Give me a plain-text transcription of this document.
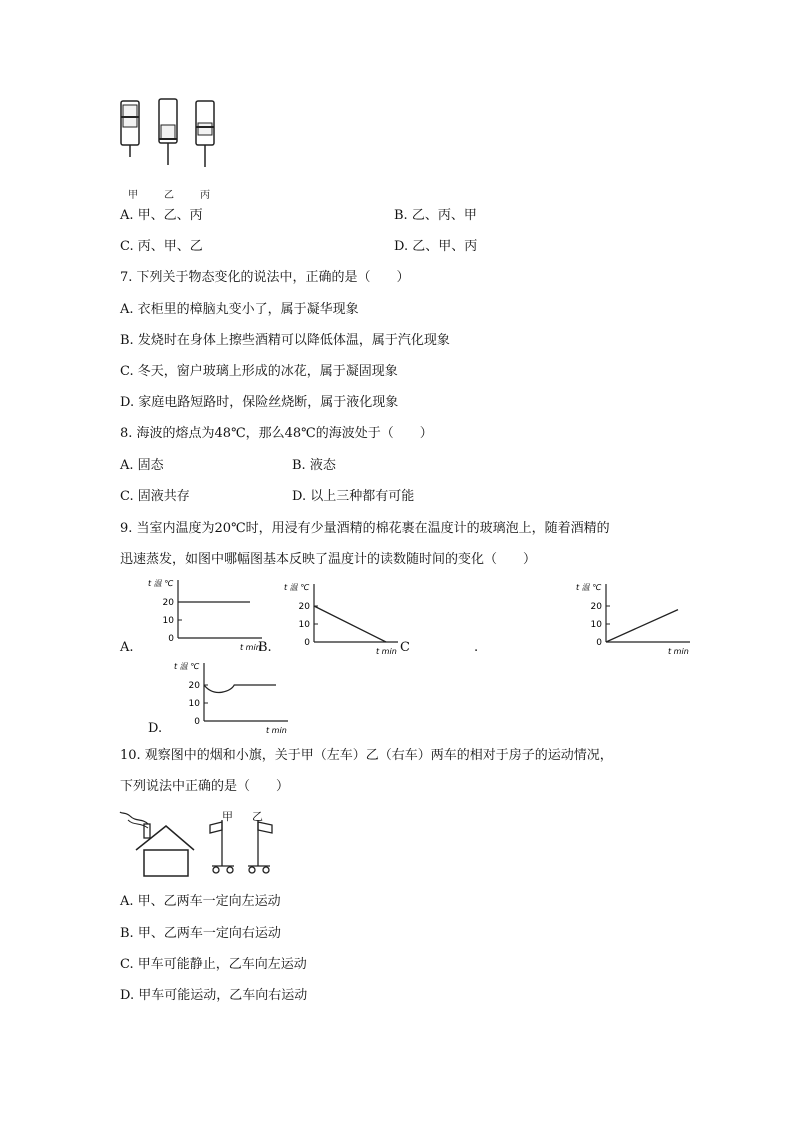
甲	乙	丙
A. 甲、乙、丙	B. 乙、丙、甲
C. 丙、甲、乙	D. 乙、甲、丙
7. 下列关于物态变化的说法中，正确的是（　　）
A. 衣柜里的樟脑丸变小了，属于凝华现象
B. 发烧时在身体上擦些酒精可以降低体温，属于汽化现象
C. 冬天，窗户玻璃上形成的冰花，属于凝固现象
D. 家庭电路短路时，保险丝烧断，属于液化现象
8. 海波的熔点为48℃，那么48℃的海波处于（　　）
A. 固态	B. 液态
C. 固液共存	D. 以上三种都有可能
9. 当室内温度为20℃时，用浸有少量酒精的棉花裹在温度计的玻璃泡上，随着酒精的
迅速蒸发，如图中哪幅图基本反映了温度计的读数随时间的变化（　　）
t 温 ℃
t min
0
10
20
t 温 ℃
t min
0
10
20
t 温 ℃
t min
0
10
20
t 温 ℃
t min
0
10
20
A.	B.	C	.
D.
10. 观察图中的烟和小旗，关于甲（左车）乙（右车）两车的相对于房子的运动情况，
下列说法中正确的是（　　）
甲 乙
A. 甲、乙两车一定向左运动
B. 甲、乙两车一定向右运动
C. 甲车可能静止，乙车向左运动
D. 甲车可能运动，乙车向右运动
